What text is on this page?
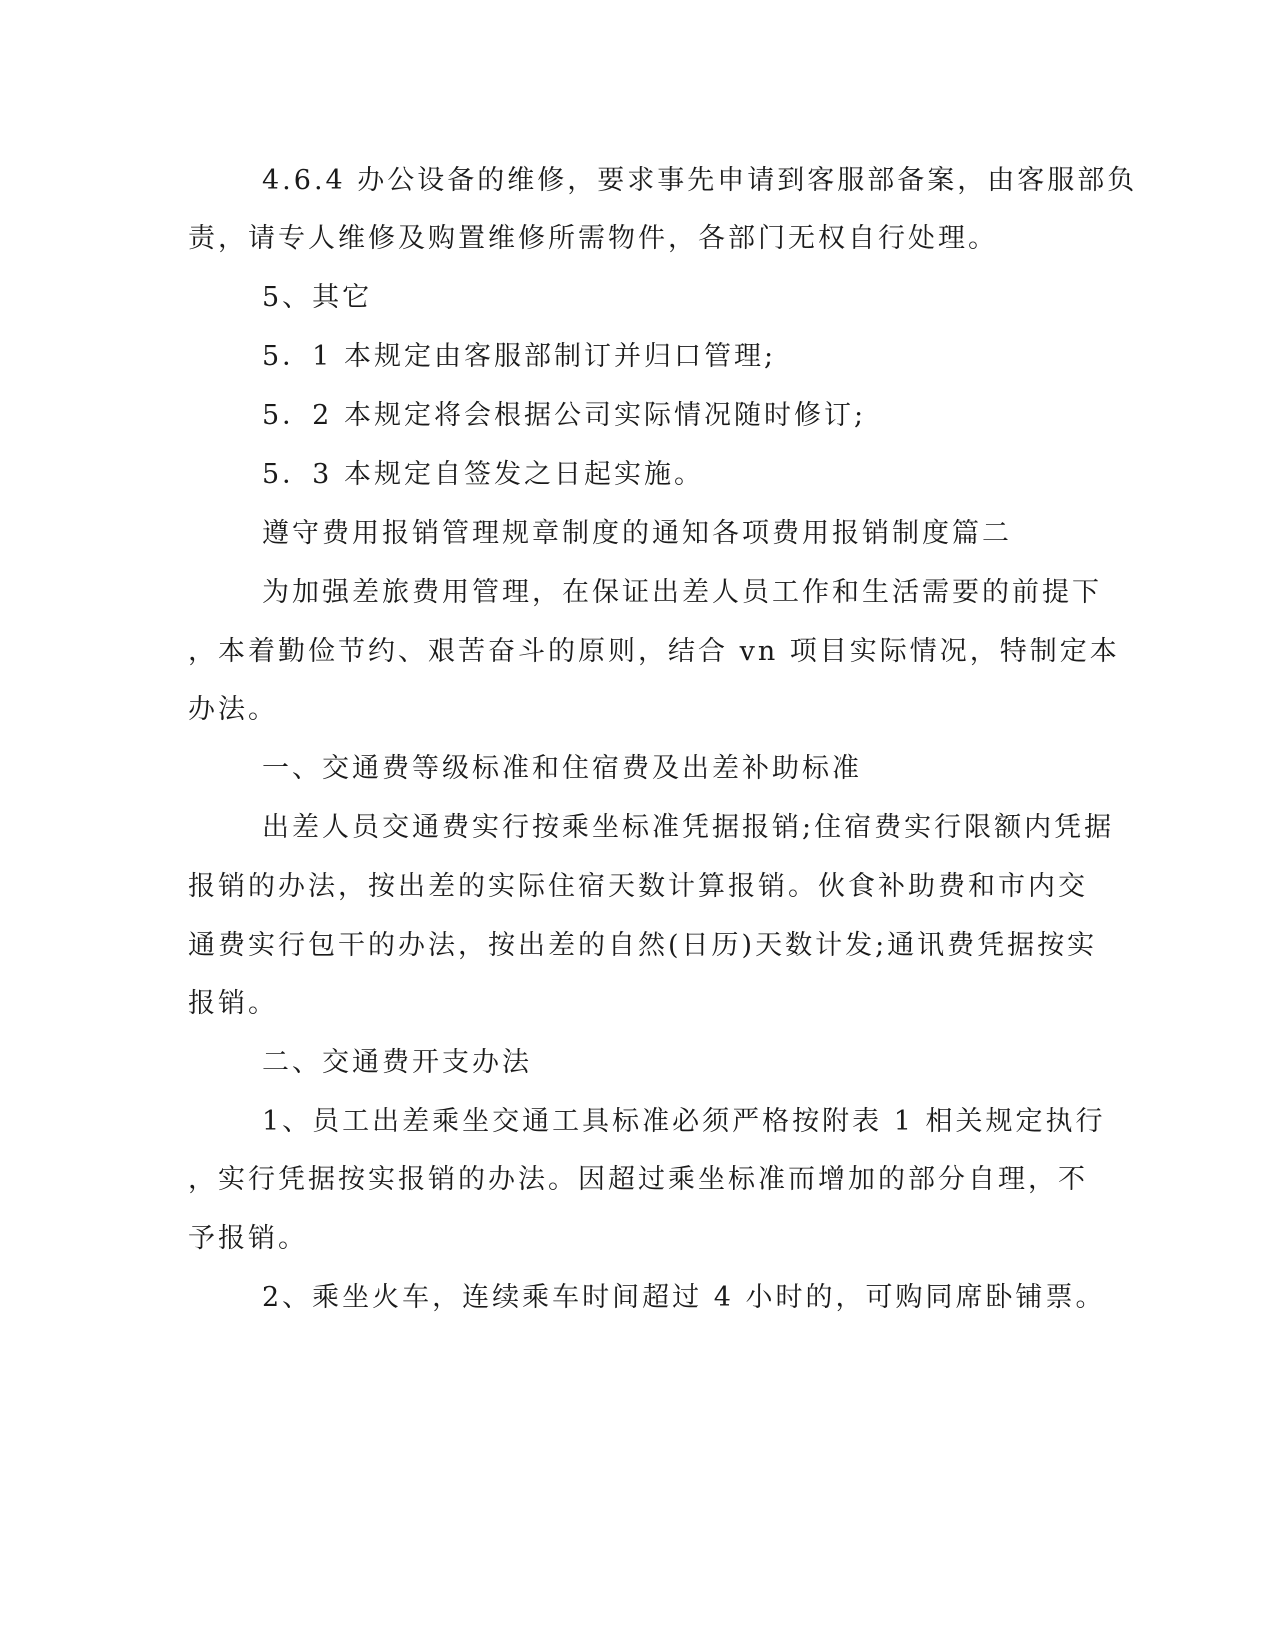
4.6.4 办公设备的维修，要求事先申请到客服部备案，由客服部负
责，请专人维修及购置维修所需物件，各部门无权自行处理。
5、其它
5．1 本规定由客服部制订并归口管理;
5．2 本规定将会根据公司实际情况随时修订;
5．3 本规定自签发之日起实施。
遵守费用报销管理规章制度的通知各项费用报销制度篇二
为加强差旅费用管理，在保证出差人员工作和生活需要的前提下
，本着勤俭节约、艰苦奋斗的原则，结合 vn 项目实际情况，特制定本
办法。
一、交通费等级标准和住宿费及出差补助标准
出差人员交通费实行按乘坐标准凭据报销;住宿费实行限额内凭据
报销的办法，按出差的实际住宿天数计算报销。伙食补助费和市内交
通费实行包干的办法，按出差的自然(日历)天数计发;通讯费凭据按实
报销。
二、交通费开支办法
1、员工出差乘坐交通工具标准必须严格按附表 1 相关规定执行
，实行凭据按实报销的办法。因超过乘坐标准而增加的部分自理，不
予报销。
2、乘坐火车，连续乘车时间超过 4 小时的，可购同席卧铺票。
